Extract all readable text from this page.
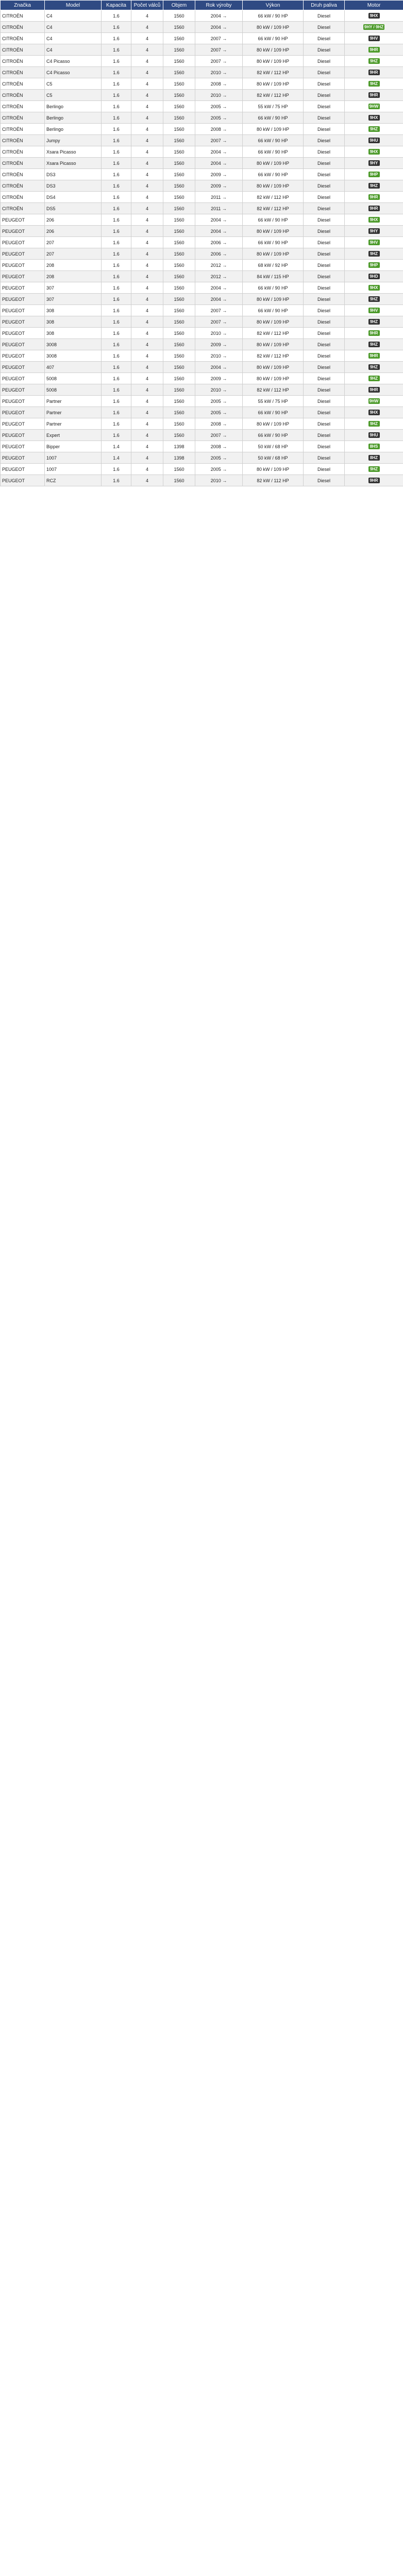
Značka	Model	Kapacita	Počet válců	Objem	Rok výroby	Výkon	Druh paliva	Motor
CITROËN	C4	1.6	4	1560	2004 →	66 kW / 90 HP	Diesel	9HX
CITROËN	C4	1.6	4	1560	2004 →	80 kW / 109 HP	Diesel	9HY / 9HZ
CITROËN	C4	1.6	4	1560	2007 →	66 kW / 90 HP	Diesel	9HV
CITROËN	C4	1.6	4	1560	2007 →	80 kW / 109 HP	Diesel	9HR
CITROËN	C4 Picasso	1.6	4	1560	2007 →	80 kW / 109 HP	Diesel	9HZ
CITROËN	C4 Picasso	1.6	4	1560	2010 →	82 kW / 112 HP	Diesel	9HR
CITROËN	C5	1.6	4	1560	2008 →	80 kW / 109 HP	Diesel	9HZ
CITROËN	C5	1.6	4	1560	2010 →	82 kW / 112 HP	Diesel	9HR
CITROËN	Berlingo	1.6	4	1560	2005 →	55 kW / 75 HP	Diesel	9HW
CITROËN	Berlingo	1.6	4	1560	2005 →	66 kW / 90 HP	Diesel	9HX
CITROËN	Berlingo	1.6	4	1560	2008 →	80 kW / 109 HP	Diesel	9HZ
CITROËN	Jumpy	1.6	4	1560	2007 →	66 kW / 90 HP	Diesel	9HU
CITROËN	Xsara Picasso	1.6	4	1560	2004 →	66 kW / 90 HP	Diesel	9HX
CITROËN	Xsara Picasso	1.6	4	1560	2004 →	80 kW / 109 HP	Diesel	9HY
CITROËN	DS3	1.6	4	1560	2009 →	66 kW / 90 HP	Diesel	9HP
CITROËN	DS3	1.6	4	1560	2009 →	80 kW / 109 HP	Diesel	9HZ
CITROËN	DS4	1.6	4	1560	2011 →	82 kW / 112 HP	Diesel	9HR
CITROËN	DS5	1.6	4	1560	2011 →	82 kW / 112 HP	Diesel	9HR
PEUGEOT	206	1.6	4	1560	2004 →	66 kW / 90 HP	Diesel	9HX
PEUGEOT	206	1.6	4	1560	2004 →	80 kW / 109 HP	Diesel	9HY
PEUGEOT	207	1.6	4	1560	2006 →	66 kW / 90 HP	Diesel	9HV
PEUGEOT	207	1.6	4	1560	2006 →	80 kW / 109 HP	Diesel	9HZ
PEUGEOT	208	1.6	4	1560	2012 →	68 kW / 92 HP	Diesel	9HP
PEUGEOT	208	1.6	4	1560	2012 →	84 kW / 115 HP	Diesel	9HD
PEUGEOT	307	1.6	4	1560	2004 →	66 kW / 90 HP	Diesel	9HX
PEUGEOT	307	1.6	4	1560	2004 →	80 kW / 109 HP	Diesel	9HZ
PEUGEOT	308	1.6	4	1560	2007 →	66 kW / 90 HP	Diesel	9HV
PEUGEOT	308	1.6	4	1560	2007 →	80 kW / 109 HP	Diesel	9HZ
PEUGEOT	308	1.6	4	1560	2010 →	82 kW / 112 HP	Diesel	9HR
PEUGEOT	3008	1.6	4	1560	2009 →	80 kW / 109 HP	Diesel	9HZ
PEUGEOT	3008	1.6	4	1560	2010 →	82 kW / 112 HP	Diesel	9HR
PEUGEOT	407	1.6	4	1560	2004 →	80 kW / 109 HP	Diesel	9HZ
PEUGEOT	5008	1.6	4	1560	2009 →	80 kW / 109 HP	Diesel	9HZ
PEUGEOT	5008	1.6	4	1560	2010 →	82 kW / 112 HP	Diesel	9HR
PEUGEOT	Partner	1.6	4	1560	2005 →	55 kW / 75 HP	Diesel	9HW
PEUGEOT	Partner	1.6	4	1560	2005 →	66 kW / 90 HP	Diesel	9HX
PEUGEOT	Partner	1.6	4	1560	2008 →	80 kW / 109 HP	Diesel	9HZ
PEUGEOT	Expert	1.6	4	1560	2007 →	66 kW / 90 HP	Diesel	9HU
PEUGEOT	Bipper	1.4	4	1398	2008 →	50 kW / 68 HP	Diesel	8HS
PEUGEOT	1007	1.4	4	1398	2005 →	50 kW / 68 HP	Diesel	8HZ
PEUGEOT	1007	1.6	4	1560	2005 →	80 kW / 109 HP	Diesel	9HZ
PEUGEOT	RCZ	1.6	4	1560	2010 →	82 kW / 112 HP	Diesel	9HR
